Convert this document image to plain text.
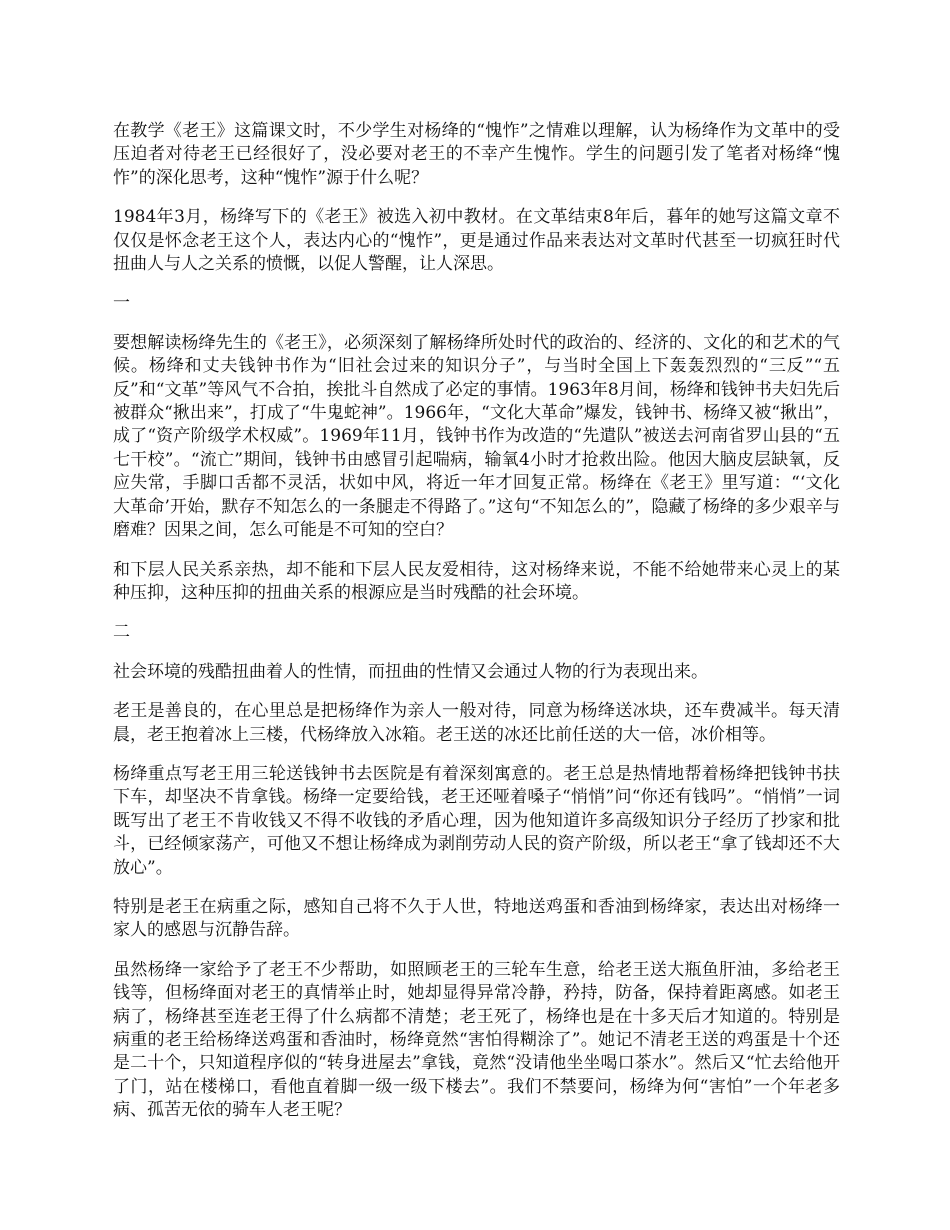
在教学《老王》这篇课文时，不少学生对杨绛的“愧怍”之情难以理解，认为杨绛作为文革中的受压迫者对待老王已经很好了，没必要对老王的不幸产生愧怍。学生的问题引发了笔者对杨绛“愧怍”的深化思考，这种“愧怍”源于什么呢？

1984年3月，杨绛写下的《老王》被选入初中教材。在文革结束8年后，暮年的她写这篇文章不仅仅是怀念老王这个人，表达内心的“愧怍”，更是通过作品来表达对文革时代甚至一切疯狂时代扭曲人与人之关系的愤慨，以促人警醒，让人深思。

一

要想解读杨绛先生的《老王》，必须深刻了解杨绛所处时代的政治的、经济的、文化的和艺术的气候。杨绛和丈夫钱钟书作为“旧社会过来的知识分子”，与当时全国上下轰轰烈烈的“三反”“五反”和“文革”等风气不合拍，挨批斗自然成了必定的事情。1963年8月间，杨绛和钱钟书夫妇先后被群众“揪出来”，打成了“牛鬼蛇神”。1966年，“文化大革命”爆发，钱钟书、杨绛又被“揪出”，成了“资产阶级学术权威”。1969年11月，钱钟书作为改造的“先遣队”被送去河南省罗山县的“五七干校”。“流亡”期间，钱钟书由感冒引起喘病，输氧4小时才抢救出险。他因大脑皮层缺氧，反应失常，手脚口舌都不灵活，状如中风，将近一年才回复正常。杨绛在《老王》里写道：“‘文化大革命’开始，默存不知怎么的一条腿走不得路了。”这句“不知怎么的”，隐藏了杨绛的多少艰辛与磨难？因果之间，怎么可能是不可知的空白？

和下层人民关系亲热，却不能和下层人民友爱相待，这对杨绛来说，不能不给她带来心灵上的某种压抑，这种压抑的扭曲关系的根源应是当时残酷的社会环境。

二

社会环境的残酷扭曲着人的性情，而扭曲的性情又会通过人物的行为表现出来。

老王是善良的，在心里总是把杨绛作为亲人一般对待，同意为杨绛送冰块，还车费减半。每天清晨，老王抱着冰上三楼，代杨绛放入冰箱。老王送的冰还比前任送的大一倍，冰价相等。

杨绛重点写老王用三轮送钱钟书去医院是有着深刻寓意的。老王总是热情地帮着杨绛把钱钟书扶下车，却坚决不肯拿钱。杨绛一定要给钱，老王还哑着嗓子“悄悄”问“你还有钱吗”。“悄悄”一词既写出了老王不肯收钱又不得不收钱的矛盾心理，因为他知道许多高级知识分子经历了抄家和批斗，已经倾家荡产，可他又不想让杨绛成为剥削劳动人民的资产阶级，所以老王“拿了钱却还不大放心”。

特别是老王在病重之际，感知自己将不久于人世，特地送鸡蛋和香油到杨绛家，表达出对杨绛一家人的感恩与沉静告辞。

虽然杨绛一家给予了老王不少帮助，如照顾老王的三轮车生意，给老王送大瓶鱼肝油，多给老王钱等，但杨绛面对老王的真情举止时，她却显得异常冷静，矜持，防备，保持着距离感。如老王病了，杨绛甚至连老王得了什么病都不清楚；老王死了，杨绛也是在十多天后才知道的。特别是病重的老王给杨绛送鸡蛋和香油时，杨绛竟然“害怕得糊涂了”。她记不清老王送的鸡蛋是十个还是二十个，只知道程序似的“转身进屋去”拿钱，竟然“没请他坐坐喝口茶水”。然后又“忙去给他开了门，站在楼梯口，看他直着脚一级一级下楼去”。我们不禁要问，杨绛为何“害怕”一个年老多病、孤苦无依的骑车人老王呢？
